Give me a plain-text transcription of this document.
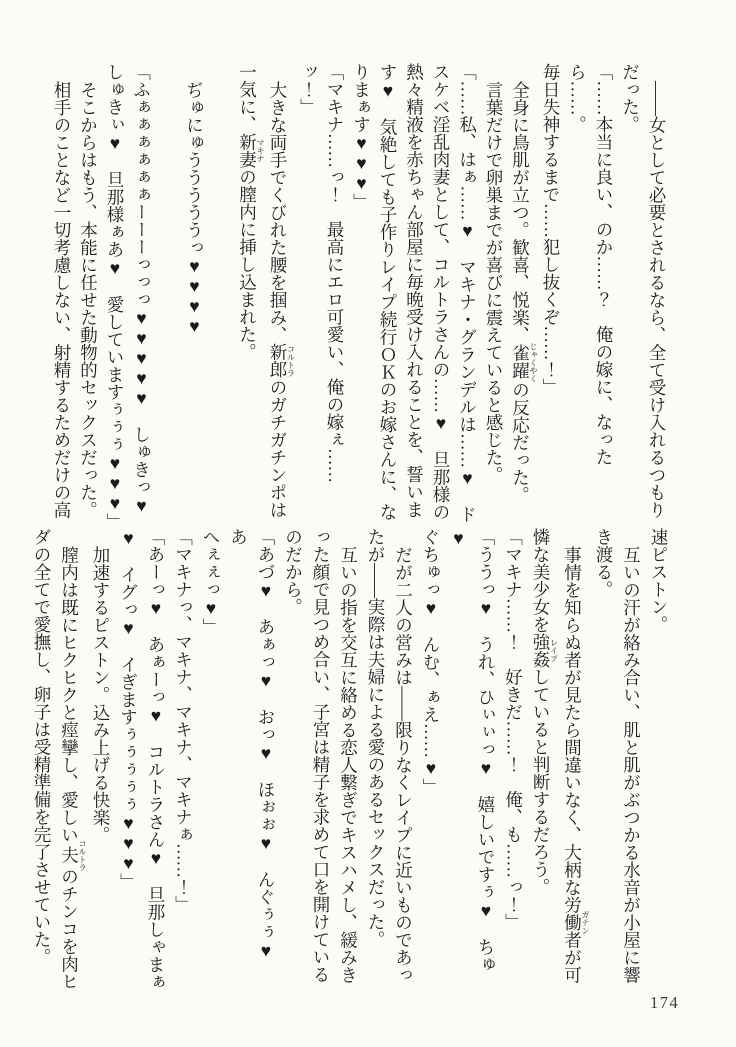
――女として必要とされるなら、全て受け入れるつもり

だった。

「……本当に良い、のか……？　俺の嫁に、なったら……。

毎日失神するまで……犯し抜くぞ……！」

全身に鳥肌が立つ。歓喜、悦楽、雀躍じゃくやくの反応だった。

言葉だけで卵巣までが喜びに震えていると感じた。

「……私、はぁ……♥　マキナ・グランデルは……♥　ド

スケベ淫乱肉妻として、コルトラさんの……♥　旦那様の

熱々精液を赤ちゃん部屋に毎晩受け入れることを、誓いま

す♥　気絶しても子作りレイプ続行ＯＫのお嫁さんに、な

りまぁす♥♥♥」

「マキナ……っ！　最高にエロ可愛い、俺の嫁ぇ……ッ！」

大きな両手でくびれた腰を掴み、新郎コルトラのガチガチンポは

一気に、新妻マキナの膣内に挿し込まれた。

ぢゅにゅうううううっ♥♥♥♥

「ふぁぁぁぁぁぁーーーっっっ♥♥♥♥♥　しゅきっ♥

しゅきぃ♥　旦那様ぁあ♥　愛していますぅぅぅ♥♥♥」

そこからはもう、本能に任せた動物的セックスだった。

相手のことなど一切考慮しない、射精するためだけの高

速ピストン。

互いの汗が絡み合い、肌と肌がぶつかる水音が小屋に響

き渡る。

事情を知らぬ者が見たら間違いなく、大柄な労働者ガテンが可

憐な美少女を強姦レイプしていると判断するだろう。

「マキナ……！　好きだ……！　俺、も……っ！」

「ううっ♥　うれ、ひぃぃっ♥　嬉しいですぅ♥　ちゅ♥

ぐちゅっ♥　んむ、ぁえ……♥」

だが二人の営みは――限りなくレイプに近いものであっ

たが――実際は夫婦による愛のあるセックスだった。

互いの指を交互に絡める恋人繋ぎでキスハメし、緩みき

った顔で見つめ合い、子宮は精子を求めて口を開けている

のだから。

「あづ♥　あぁっ♥　おっ♥　ほぉぉ♥　んぐぅぅ♥　あ

へぇぇっ♥」

「マキナっ、マキナ、マキナ、マキナぁ……！」

「あーっ♥　あぁーっ♥　コルトラさん♥　旦那しゃまぁ

♥　イグっ♥　イぎますぅぅぅぅぅ♥♥♥」

加速するピストン。込み上げる快楽。

膣内は既にヒクヒクと痙攣し、愛しい夫コルトラのチンコを肉ヒ

ダの全てで愛撫し、卵子は受精準備を完了させていた。

174
